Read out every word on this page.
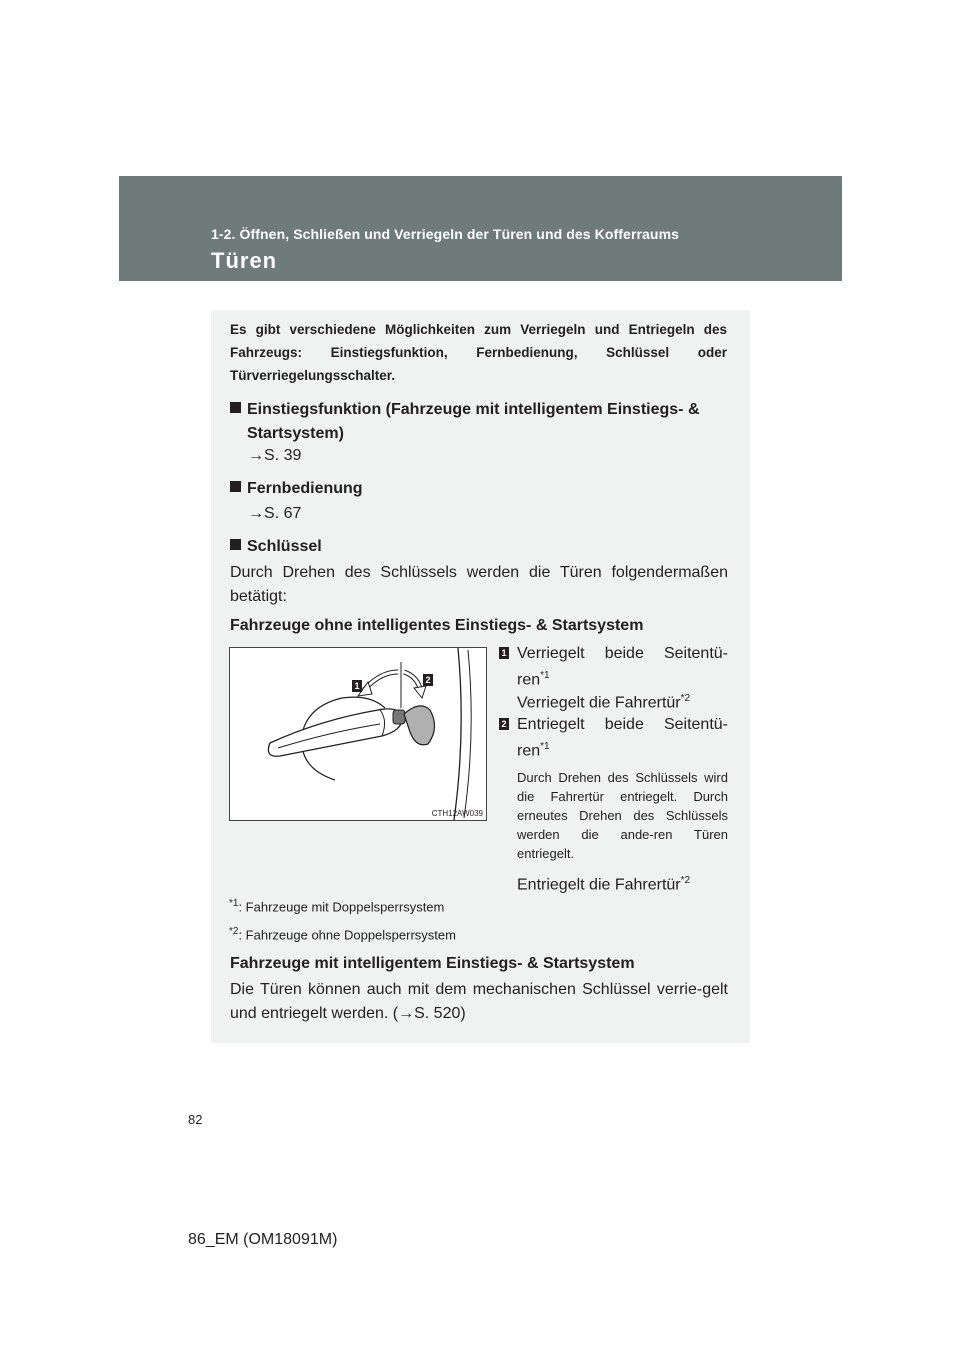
1-2. Öffnen, Schließen und Verriegeln der Türen und des Kofferraums
Türen
Es gibt verschiedene Möglichkeiten zum Verriegeln und Entriegeln des Fahrzeugs: Einstiegsfunktion, Fernbedienung, Schlüssel oder Türverriegelungsschalter.
Einstiegsfunktion (Fahrzeuge mit intelligentem Einstiegs- & Startsystem)
→S. 39
Fernbedienung
→S. 67
Schlüssel
Durch Drehen des Schlüssels werden die Türen folgendermaßen betätigt:
Fahrzeuge ohne intelligentes Einstiegs- & Startsystem
1
2
CTH12AW039
1 Verriegelt beide Seitentü-
ren$^{*1}$
Verriegelt die Fahrertür$^{*2}$
2 Entriegelt beide Seitentü-
ren$^{*1}$
Durch Drehen des Schlüssels wird die Fahrertür entriegelt. Durch erneutes Drehen des Schlüssels werden die ande-ren Türen entriegelt.
Entriegelt die Fahrertür$^{*2}$
$^{*1}$: Fahrzeuge mit Doppelsperrsystem
$^{*2}$: Fahrzeuge ohne Doppelsperrsystem
Fahrzeuge mit intelligentem Einstiegs- & Startsystem
Die Türen können auch mit dem mechanischen Schlüssel verrie-gelt und entriegelt werden. (→S. 520)
82
86_EM (OM18091M)
